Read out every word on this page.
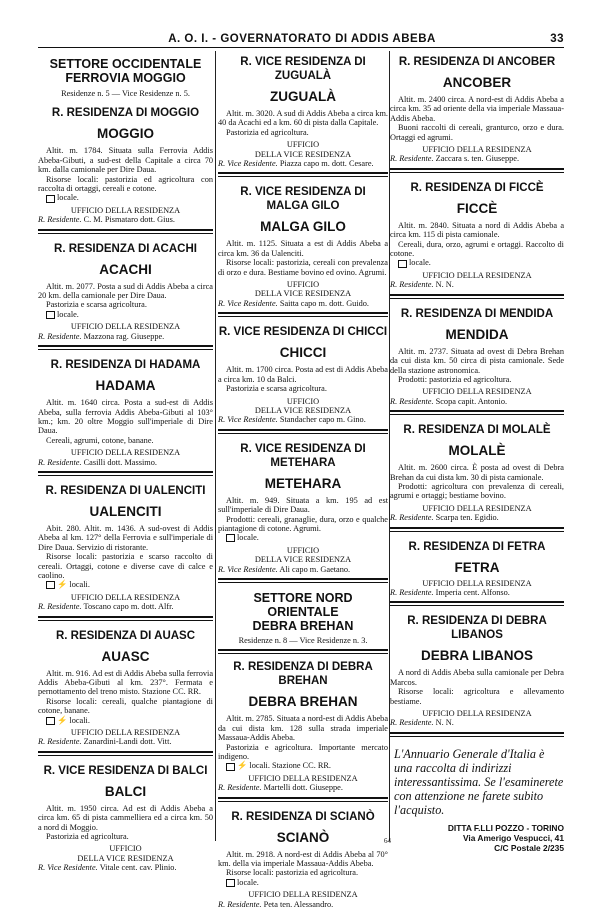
A. O. I. - GOVERNATORATO DI ADDIS ABEBA	33
SETTORE OCCIDENTALE
FERROVIA MOGGIO
Residenze n. 5 — Vice Residenze n. 5.
R. RESIDENZA DI MOGGIO
MOGGIO
Altit. m. 1784. Situata sulla Ferrovia Addis Abeba-Gibuti, a sud-est della Capitale a circa 70 km. dalla camionale per Dire Daua.
Risorse locali: pastorizia ed agricoltura con raccolta di ortaggi, cereali e cotone.
locale.
UFFICIO DELLA RESIDENZA
R. Residente. C. M. Pismataro dott. Gius.
R. RESIDENZA DI ACACHI
ACACHI
Altit. m. 2077. Posta a sud di Addis Abeba a circa 20 km. della camionale per Dire Daua.
Pastorizia e scarsa agricoltura.
locale.
UFFICIO DELLA RESIDENZA
R. Residente. Mazzona rag. Giuseppe.
R. RESIDENZA DI HADAMA
HADAMA
Altit. m. 1640 circa. Posta a sud-est di Addis Abeba, sulla ferrovia Addis Abeba-Gibuti al 103° km.; km. 20 oltre Moggio sull'imperiale di Dire Daua.
Cereali, agrumi, cotone, banane.
UFFICIO DELLA RESIDENZA
R. Residente. Casilli dott. Massimo.
R. RESIDENZA DI UALENCITI
UALENCITI
Abit. 280. Altit. m. 1436. A sud-ovest di Addis Abeba al km. 127° della Ferrovia e sull'imperiale di Dire Daua. Servizio di ristorante.
Risorse locali: pastorizia e scarso raccolto di cereali. Ortaggi, cotone e diverse cave di calce e caolino.
⚡ locali.
UFFICIO DELLA RESIDENZA
R. Residente. Toscano capo m. dott. Alfr.
R. RESIDENZA DI AUASC
AUASC
Altit. m. 916. Ad est di Addis Abeba sulla ferrovia Addis Abeba-Gibuti al km. 237°. Fermata e pernottamento del treno misto. Stazione CC. RR.
Risorse locali: cereali, qualche piantagione di cotone, banane.
⚡ locali.
UFFICIO DELLA RESIDENZA
R. Residente. Zanardini-Landi dott. Vitt.
R. VICE RESIDENZA DI BALCI
BALCI
Altit. m. 1950 circa. Ad est di Addis Abeba a circa km. 65 di pista cammelliera ed a circa km. 50 a nord di Moggio.
Pastorizia ed agricoltura.
UFFICIO
DELLA VICE RESIDENZA
R. Vice Residente. Vitale cent. cav. Plinio.
R. VICE RESIDENZA DI ZUGUALÀ
ZUGUALÀ
Altit. m. 3020. A sud di Addis Abeba a circa km. 40 da Acachi ed a km. 60 di pista dalla Capitale.
Pastorizia ed agricoltura.
UFFICIO
DELLA VICE RESIDENZA
R. Vice Residente. Piazza capo m. dott. Cesare.
R. VICE RESIDENZA DI MALGA GILO
MALGA GILO
Altit. m. 1125. Situata a est di Addis Abeba a circa km. 36 da Ualenciti.
Risorse locali: pastorizia, cereali con prevalenza di orzo e dura. Bestiame bovino ed ovino. Agrumi.
UFFICIO
DELLA VICE RESIDENZA
R. Vice Residente. Saitta capo m. dott. Guido.
R. VICE RESIDENZA DI CHICCI
CHICCI
Altit. m. 1700 circa. Posta ad est di Addis Abeba a circa km. 10 da Balci.
Pastorizia e scarsa agricoltura.
UFFICIO
DELLA VICE RESIDENZA
R. Vice Residente. Standacher capo m. Gino.
R. VICE RESIDENZA DI METEHARA
METEHARA
Altit. m. 949. Situata a km. 195 ad est sull'imperiale di Dire Daua.
Prodotti: cereali, granaglie, dura, orzo e qualche piantagione di cotone. Agrumi.
locale.
UFFICIO
DELLA VICE RESIDENZA
R. Vice Residente. Ali capo m. Gaetano.
SETTORE NORD ORIENTALE
DEBRA BREHAN
Residenze n. 8 — Vice Residenze n. 3.
R. RESIDENZA DI DEBRA BREHAN
DEBRA BREHAN
Altit. m. 2785. Situata a nord-est di Addis Abeba da cui dista km. 128 sulla strada imperiale Massaua-Addis Abeba.
Pastorizia e agricoltura. Importante mercato indigeno.
⚡ locali. Stazione CC. RR.
UFFICIO DELLA RESIDENZA
R. Residente. Martelli dott. Giuseppe.
R. RESIDENZA DI SCIANÒ
SCIANÒ
Altit. m. 2918. A nord-est di Addis Abeba al 70° km. della via imperiale Massaua-Addis Abeba.
Risorse locali: pastorizia ed agricoltura.
locale.
UFFICIO DELLA RESIDENZA
R. Residente. Peta ten. Alessandro.
R. RESIDENZA DI ANCOBER
ANCOBER
Altit. m. 2400 circa. A nord-est di Addis Abeba a circa km. 35 ad oriente della via imperiale Massaua-Addis Abeba.
Buoni raccolti di cereali, granturco, orzo e dura. Ortaggi ed agrumi.
UFFICIO DELLA RESIDENZA
R. Residente. Zaccara s. ten. Giuseppe.
R. RESIDENZA DI FICCÈ
FICCÈ
Altit. m. 2840. Situata a nord di Addis Abeba a circa km. 115 di pista camionale.
Cereali, dura, orzo, agrumi e ortaggi. Raccolto di cotone.
locale.
UFFICIO DELLA RESIDENZA
R. Residente. N. N.
R. RESIDENZA DI MENDIDA
MENDIDA
Altit. m. 2737. Situata ad ovest di Debra Brehan da cui dista km. 50 circa di pista camionale. Sede della stazione astronomica.
Prodotti: pastorizia ed agricoltura.
UFFICIO DELLA RESIDENZA
R. Residente. Scopa capit. Antonio.
R. RESIDENZA DI MOLALÈ
MOLALÈ
Altit. m. 2600 circa. È posta ad ovest di Debra Brehan da cui dista km. 30 di pista camionale.
Prodotti: agricoltura con prevalenza di cereali, agrumi e ortaggi; bestiame bovino.
UFFICIO DELLA RESIDENZA
R. Residente. Scarpa ten. Egidio.
R. RESIDENZA DI FETRA
FETRA
UFFICIO DELLA RESIDENZA
R. Residente. Imperia cent. Alfonso.
R. RESIDENZA DI DEBRA LIBANOS
DEBRA LIBANOS
A nord di Addis Abeba sulla camionale per Debra Marcos.
Risorse locali: agricoltura e allevamento bestiame.
UFFICIO DELLA RESIDENZA
R. Residente. N. N.
L'Annuario Generale d'Italia è una raccolta di indirizzi interessantissima. Se l'esaminerete con attenzione ne farete subito l'acquisto.
64
DITTA F.LLI POZZO - TORINO
Via Amerigo Vespucci, 41
C/C Postale 2/235
